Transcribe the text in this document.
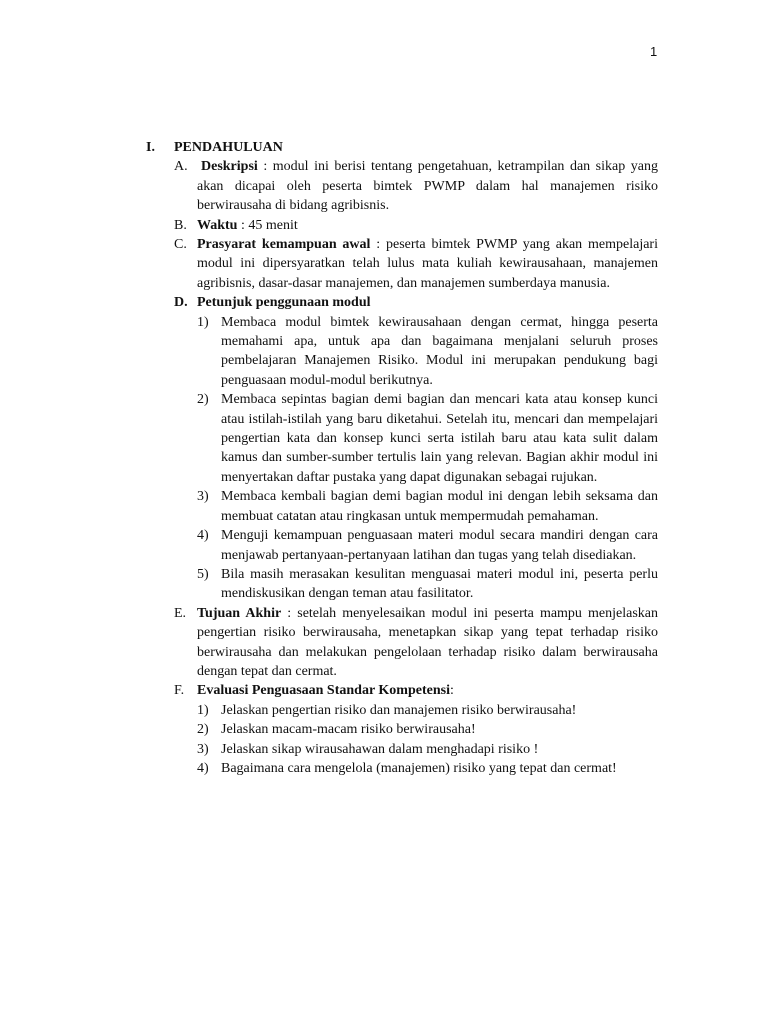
1
I. PENDAHULUAN
A. Deskripsi : modul ini berisi tentang pengetahuan, ketrampilan dan sikap yang akan dicapai oleh peserta bimtek PWMP dalam hal manajemen risiko berwirausaha di bidang agribisnis.
B. Waktu : 45 menit
C. Prasyarat kemampuan awal : peserta bimtek PWMP yang akan mempelajari modul ini dipersyaratkan telah lulus mata kuliah kewirausahaan, manajemen agribisnis, dasar-dasar manajemen, dan manajemen sumberdaya manusia.
D. Petunjuk penggunaan modul
1) Membaca modul bimtek kewirausahaan dengan cermat, hingga peserta memahami apa, untuk apa dan bagaimana menjalani seluruh proses pembelajaran Manajemen Risiko. Modul ini merupakan pendukung bagi penguasaan modul-modul berikutnya.
2) Membaca sepintas bagian demi bagian dan mencari kata atau konsep kunci atau istilah-istilah yang baru diketahui. Setelah itu, mencari dan mempelajari pengertian kata dan konsep kunci serta istilah baru atau kata sulit dalam kamus dan sumber-sumber tertulis lain yang relevan. Bagian akhir modul ini menyertakan daftar pustaka yang dapat digunakan sebagai rujukan.
3) Membaca kembali bagian demi bagian modul ini dengan lebih seksama dan membuat catatan atau ringkasan untuk mempermudah pemahaman.
4) Menguji kemampuan penguasaan materi modul secara mandiri dengan cara menjawab pertanyaan-pertanyaan latihan dan tugas yang telah disediakan.
5) Bila masih merasakan kesulitan menguasai materi modul ini, peserta perlu mendiskusikan dengan teman atau fasilitator.
E. Tujuan Akhir : setelah menyelesaikan modul ini peserta mampu menjelaskan pengertian risiko berwirausaha, menetapkan sikap yang tepat terhadap risiko berwirausaha dan melakukan pengelolaan terhadap risiko dalam berwirausaha dengan tepat dan cermat.
F. Evaluasi Penguasaan Standar Kompetensi:
1) Jelaskan pengertian risiko dan manajemen risiko berwirausaha!
2) Jelaskan macam-macam risiko berwirausaha!
3) Jelaskan sikap wirausahawan dalam menghadapi risiko !
4) Bagaimana cara mengelola (manajemen) risiko yang tepat dan cermat!
